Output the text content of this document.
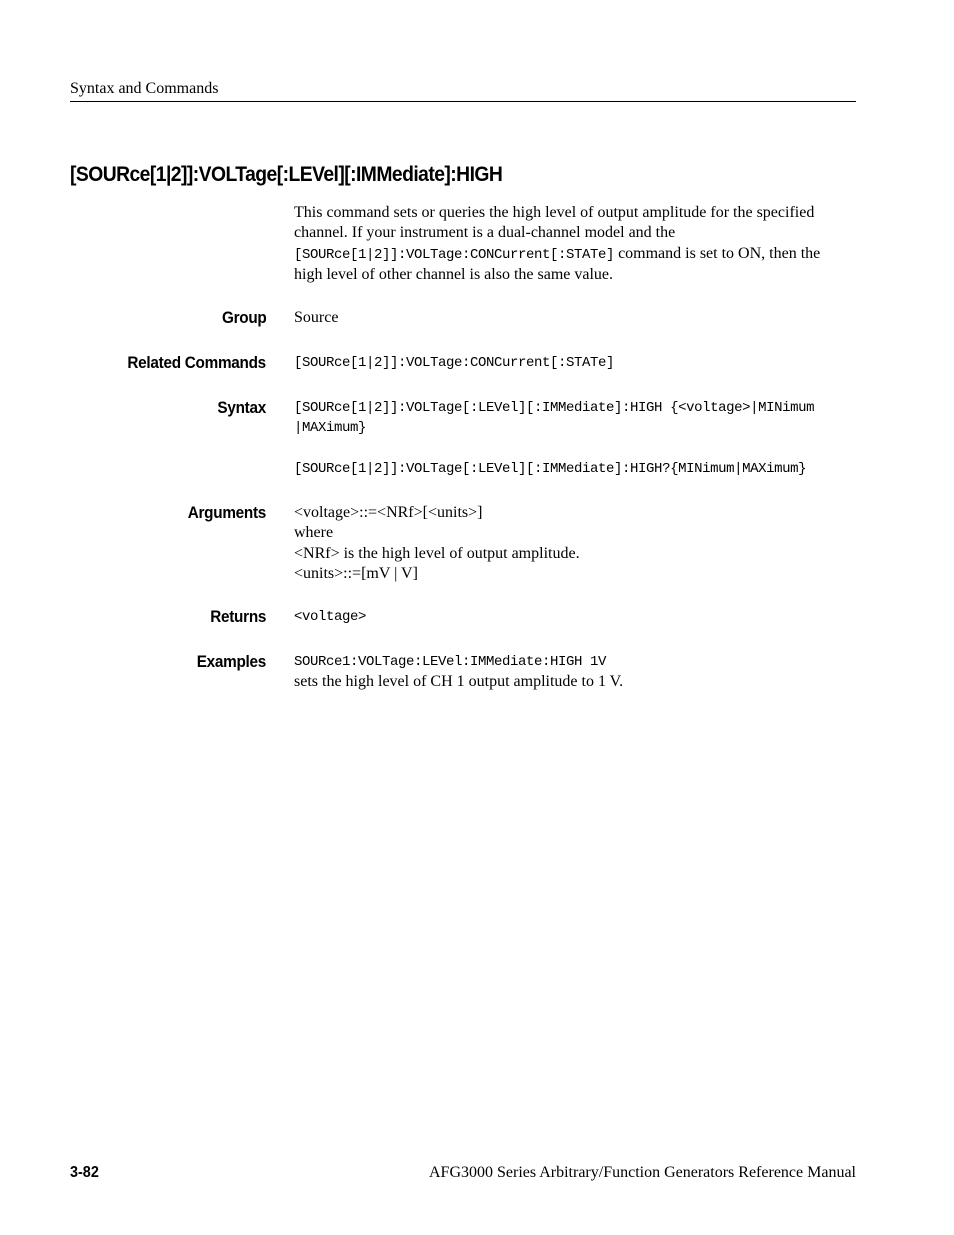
Syntax and Commands
[SOURce[1|2]]:VOLTage[:LEVel][:IMMediate]:HIGH
This command sets or queries the high level of output amplitude for the specified
channel. If your instrument is a dual-channel model and the
[SOURce[1|2]]:VOLTage:CONCurrent[:STATe] command is set to ON, then the
high level of other channel is also the same value.
Group Source
Related Commands [SOURce[1|2]]:VOLTage:CONCurrent[:STATe]
Syntax [SOURce[1|2]]:VOLTage[:LEVel][:IMMediate]:HIGH {<voltage>|MINimum
|MAXimum}
[SOURce[1|2]]:VOLTage[:LEVel][:IMMediate]:HIGH?{MINimum|MAXimum}
Arguments <voltage>::=<NRf>[<units>]
where
<NRf> is the high level of output amplitude.
<units>::=[mV | V]
Returns <voltage>
Examples SOURce1:VOLTage:LEVel:IMMediate:HIGH 1V
sets the high level of CH 1 output amplitude to 1 V.
3-82	AFG3000 Series Arbitrary/Function Generators Reference Manual
